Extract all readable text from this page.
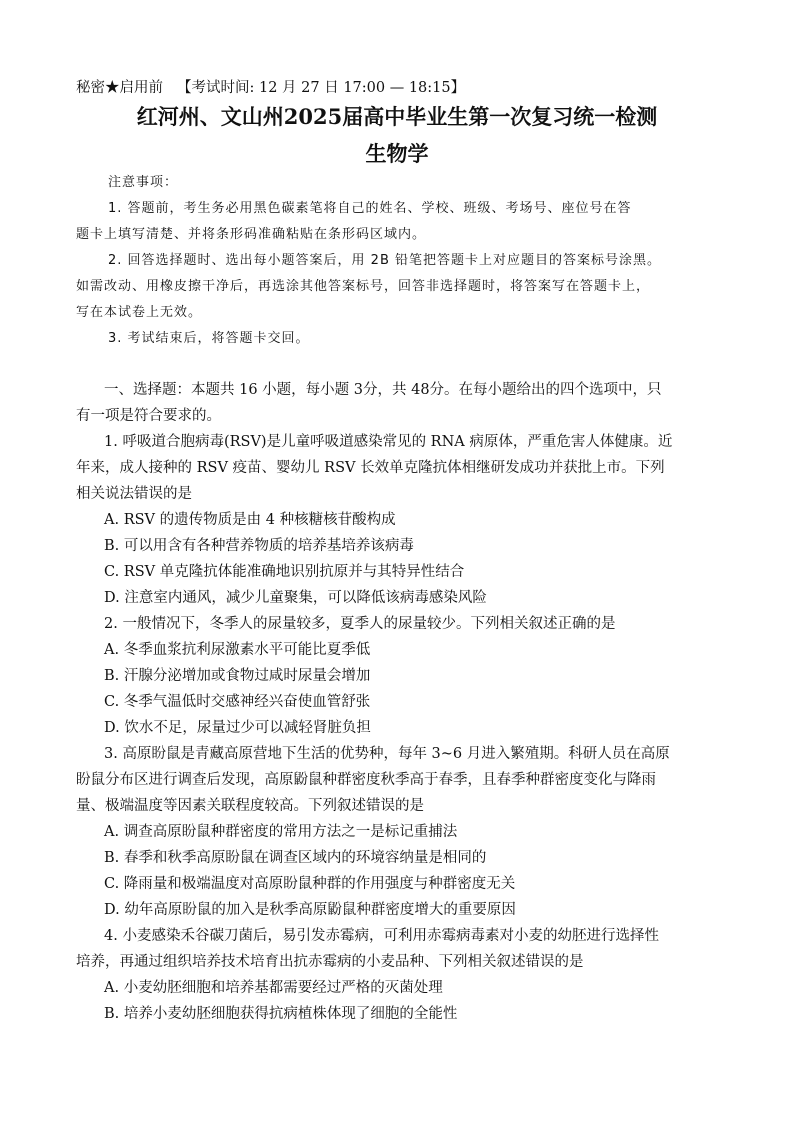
秘密★启用前 【考试时间: 12 月 27 日 17:00 — 18:15】
红河州、文山州2025届高中毕业生第一次复习统一检测
生物学
注意事项：
1. 答题前，考生务必用黑色碳素笔将自己的姓名、学校、班级、考场号、座位号在答
题卡上填写清楚、并将条形码准确粘贴在条形码区域内。
2. 回答选择题时、选出每小题答案后，用 2B 铅笔把答题卡上对应题目的答案标号涂黑。
如需改动、用橡皮擦干净后，再选涂其他答案标号，回答非选择题时，将答案写在答题卡上，
写在本试卷上无效。
3. 考试结束后，将答题卡交回。
一、选择题：本题共 16 小题，每小题 3分，共 48分。在每小题给出的四个选项中，只
有一项是符合要求的。
1. 呼吸道合胞病毒(RSV)是儿童呼吸道感染常见的 RNA 病原体，严重危害人体健康。近
年来，成人接种的 RSV 疫苗、婴幼儿 RSV 长效单克隆抗体相继研发成功并获批上市。下列
相关说法错误的是
A. RSV 的遗传物质是由 4 种核糖核苷酸构成
B. 可以用含有各种营养物质的培养基培养该病毒
C. RSV 单克隆抗体能准确地识别抗原并与其特异性结合
D. 注意室内通风，减少儿童聚集，可以降低该病毒感染风险
2. 一般情况下，冬季人的尿量较多，夏季人的尿量较少。下列相关叙述正确的是
A. 冬季血浆抗利尿激素水平可能比夏季低
B. 汗腺分泌增加或食物过咸时尿量会增加
C. 冬季气温低时交感神经兴奋使血管舒张
D. 饮水不足，尿量过少可以减轻肾脏负担
3. 高原盼鼠是青藏高原营地下生活的优势种，每年 3~6 月进入繁殖期。科研人员在高原
盼鼠分布区进行调查后发现，高原鼢鼠种群密度秋季高于春季，且春季种群密度变化与降雨
量、极端温度等因素关联程度较高。下列叙述错误的是
A. 调查高原盼鼠种群密度的常用方法之一是标记重捕法
B. 春季和秋季高原盼鼠在调查区域内的环境容纳量是相同的
C. 降雨量和极端温度对高原盼鼠种群的作用强度与种群密度无关
D. 幼年高原盼鼠的加入是秋季高原鼢鼠种群密度增大的重要原因
4. 小麦感染禾谷碳刀菌后，易引发赤霉病，可利用赤霉病毒素对小麦的幼胚进行选择性
培养，再通过组织培养技术培育出抗赤霉病的小麦品种、下列相关叙述错误的是
A. 小麦幼胚细胞和培养基都需要经过严格的灭菌处理
B. 培养小麦幼胚细胞获得抗病植株体现了细胞的全能性
